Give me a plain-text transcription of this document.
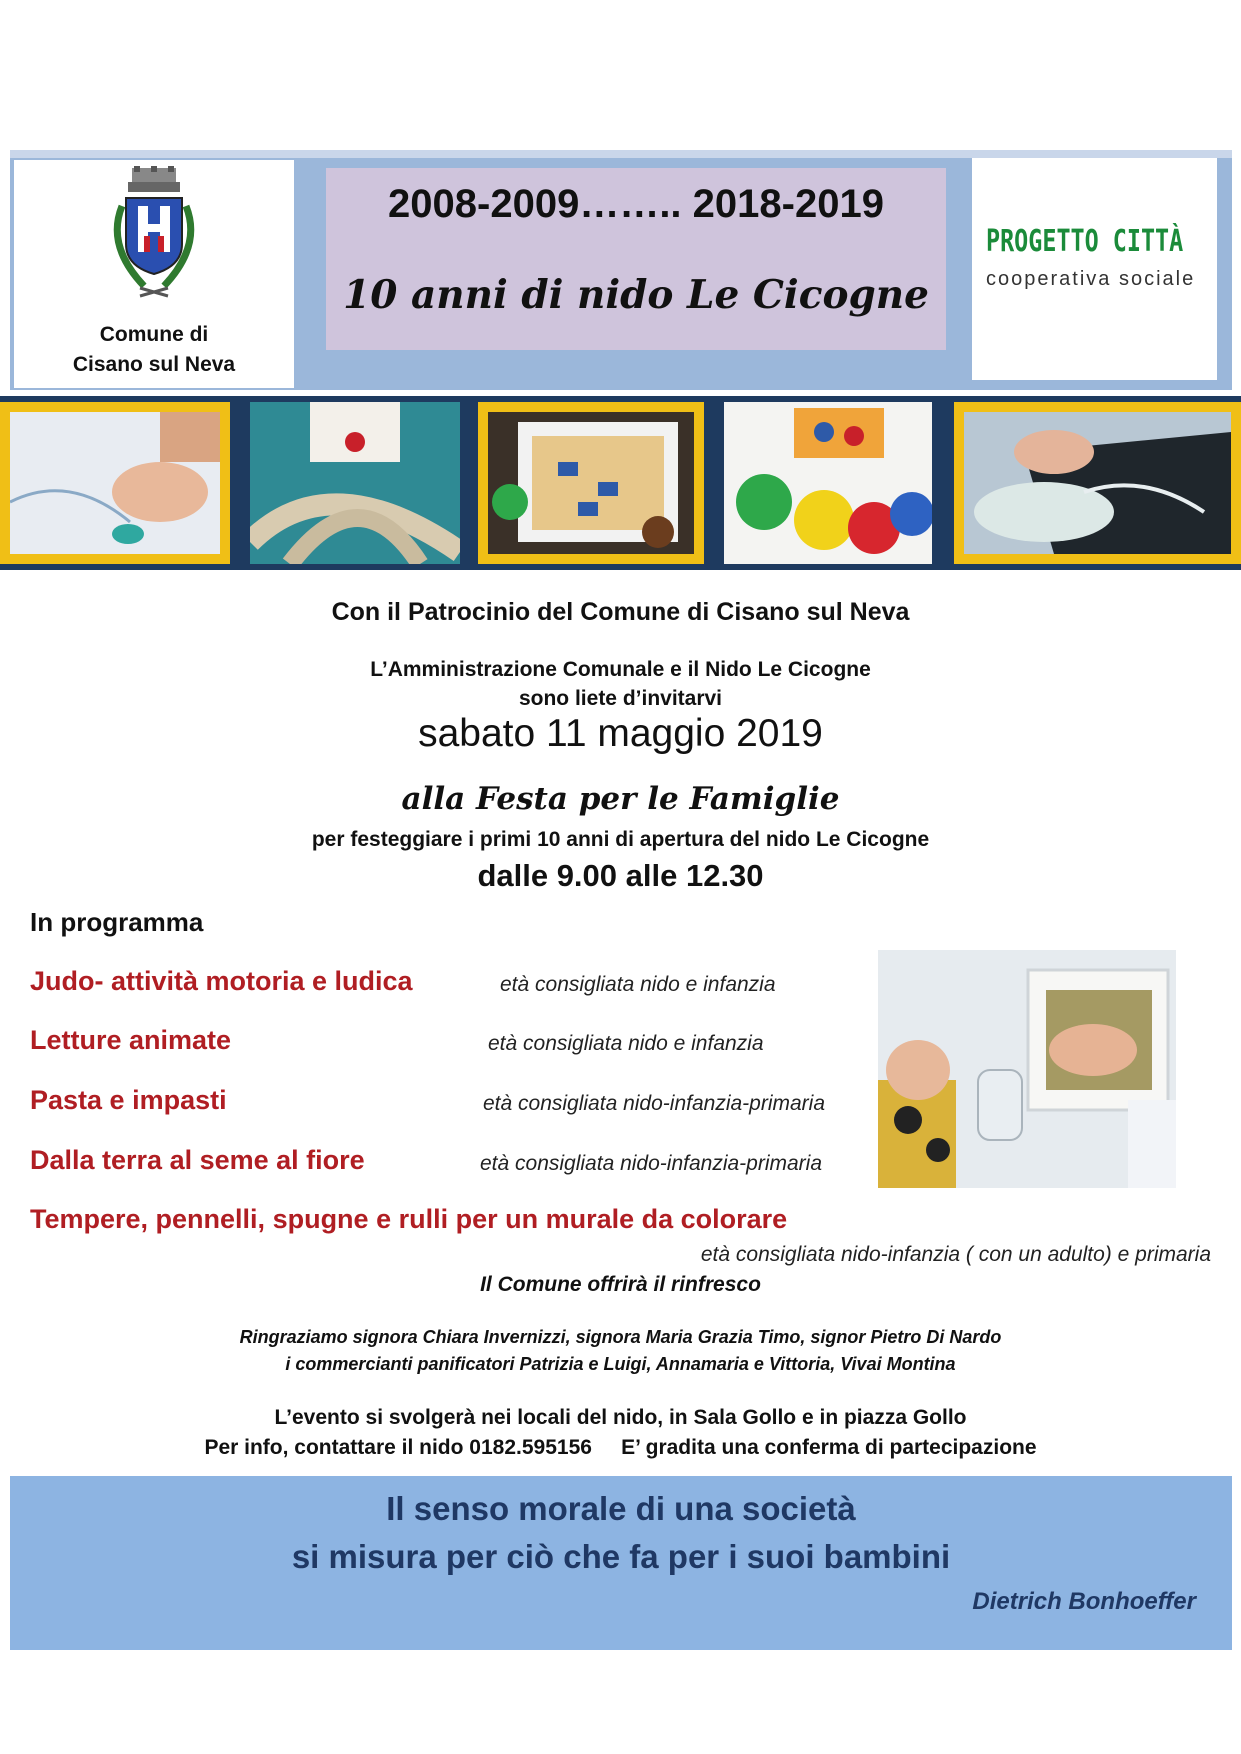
Comune di
Cisano sul Neva
2008-2009…….. 2018-2019
10 anni di nido Le Cicogne
PROGETTO CITTÀ
cooperativa sociale
Con il Patrocinio del Comune di Cisano sul Neva
L’Amministrazione Comunale e il Nido Le Cicogne
sono liete d’invitarvi
sabato 11 maggio 2019
alla Festa per le Famiglie
per festeggiare i primi 10 anni di apertura del nido Le Cicogne
dalle 9.00 alle 12.30
In programma
Judo- attività motoria e ludica	età consigliata nido e infanzia
Letture animate	età consigliata nido e infanzia
Pasta e impasti	età consigliata nido-infanzia-primaria
Dalla terra al seme al fiore	età consigliata nido-infanzia-primaria
Tempere, pennelli, spugne e rulli per un murale da colorare
età consigliata nido-infanzia ( con un adulto) e primaria
Il Comune offrirà il rinfresco
Ringraziamo signora Chiara Invernizzi, signora Maria Grazia Timo, signor Pietro Di Nardo
i commercianti panificatori Patrizia e Luigi, Annamaria e Vittoria, Vivai Montina
L’evento si svolgerà nei locali del nido, in Sala Gollo e in piazza Gollo
Per info, contattare il nido 0182.595156     E’ gradita una conferma di partecipazione
Il senso morale di una società
si misura per ciò che fa per i suoi bambini
Dietrich Bonhoeffer
